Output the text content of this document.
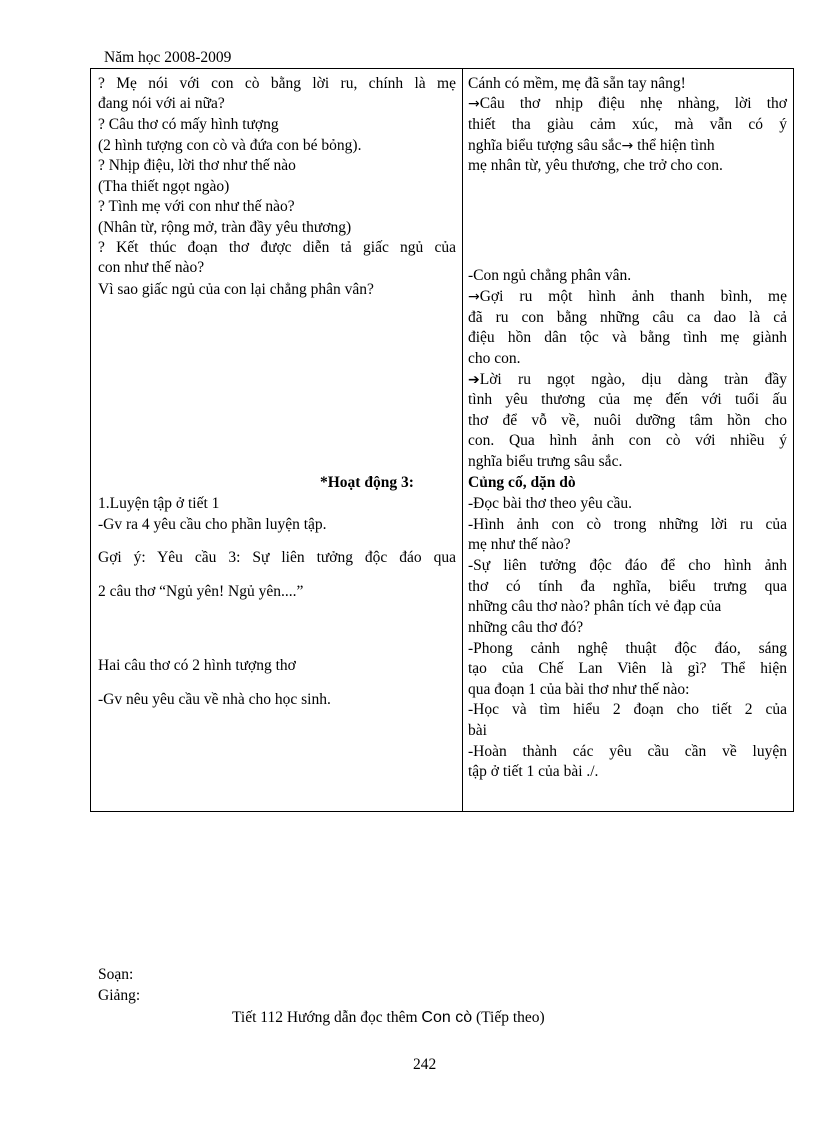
Năm học 2008-2009
? Mẹ nói với con cò bằng lời ru, chính là mẹ
đang nói với ai nữa?
? Câu thơ có mấy hình tượng
(2 hình tượng con cò và đứa con bé bỏng).
? Nhịp điệu, lời thơ như thế nào
(Tha thiết ngọt ngào)
? Tình mẹ với con như thế nào?
(Nhân từ, rộng mở, tràn đầy yêu thương)
? Kết thúc đoạn thơ được diễn tả giấc ngủ của
con như thế nào?
Vì sao giấc ngủ của con lại chẳng phân vân?
*Hoạt động 3:
1.Luyện tập ở tiết 1
-Gv ra 4 yêu cầu cho phần luyện tập.
Gợi ý: Yêu cầu 3: Sự liên tưởng độc đáo qua
2 câu thơ “Ngủ yên! Ngủ yên....”
Hai câu thơ có 2 hình tượng thơ
-Gv nêu yêu cầu về nhà cho học sinh.
Cánh có mềm, mẹ đã sẵn tay nâng!
→Câu thơ nhịp điệu nhẹ nhàng, lời thơ
thiết tha giàu cảm xúc, mà vẫn có ý
nghĩa biểu tượng sâu sắc→ thể hiện tình
mẹ nhân từ, yêu thương, che trở cho con.
-Con ngủ chẳng phân vân.
→Gợi ru một hình ảnh thanh bình, mẹ
đã ru con bằng những câu ca dao là cả
điệu hồn dân tộc và bằng tình mẹ giành
cho con.
➔Lời ru ngọt ngào, dịu dàng tràn đầy
tình yêu thương của mẹ đến với tuổi ấu
thơ để vỗ về, nuôi dưỡng tâm hồn cho
con. Qua hình ảnh con cò với nhiều ý
nghĩa biểu trưng sâu sắc.
Củng cố, dặn dò
-Đọc bài thơ theo yêu cầu.
-Hình ảnh con cò trong những lời ru của
mẹ như thế nào?
-Sự liên tưởng độc đáo để cho hình ảnh
thơ có tính đa nghĩa, biểu trưng qua
những câu thơ nào? phân tích vẻ đạp của
những câu thơ đó?
-Phong cảnh nghệ thuật độc đáo, sáng
tạo của Chế Lan Viên là gì? Thể hiện
qua đoạn 1 của bài thơ như thế nào:
-Học và tìm hiểu 2 đoạn cho tiết 2 của
bài
-Hoàn thành các yêu cầu cần về luyện
tập ở tiết 1 của bài ./.
Soạn:
Giảng:
Tiết 112 Hướng dẫn đọc thêm Con cò (Tiếp theo)
242
